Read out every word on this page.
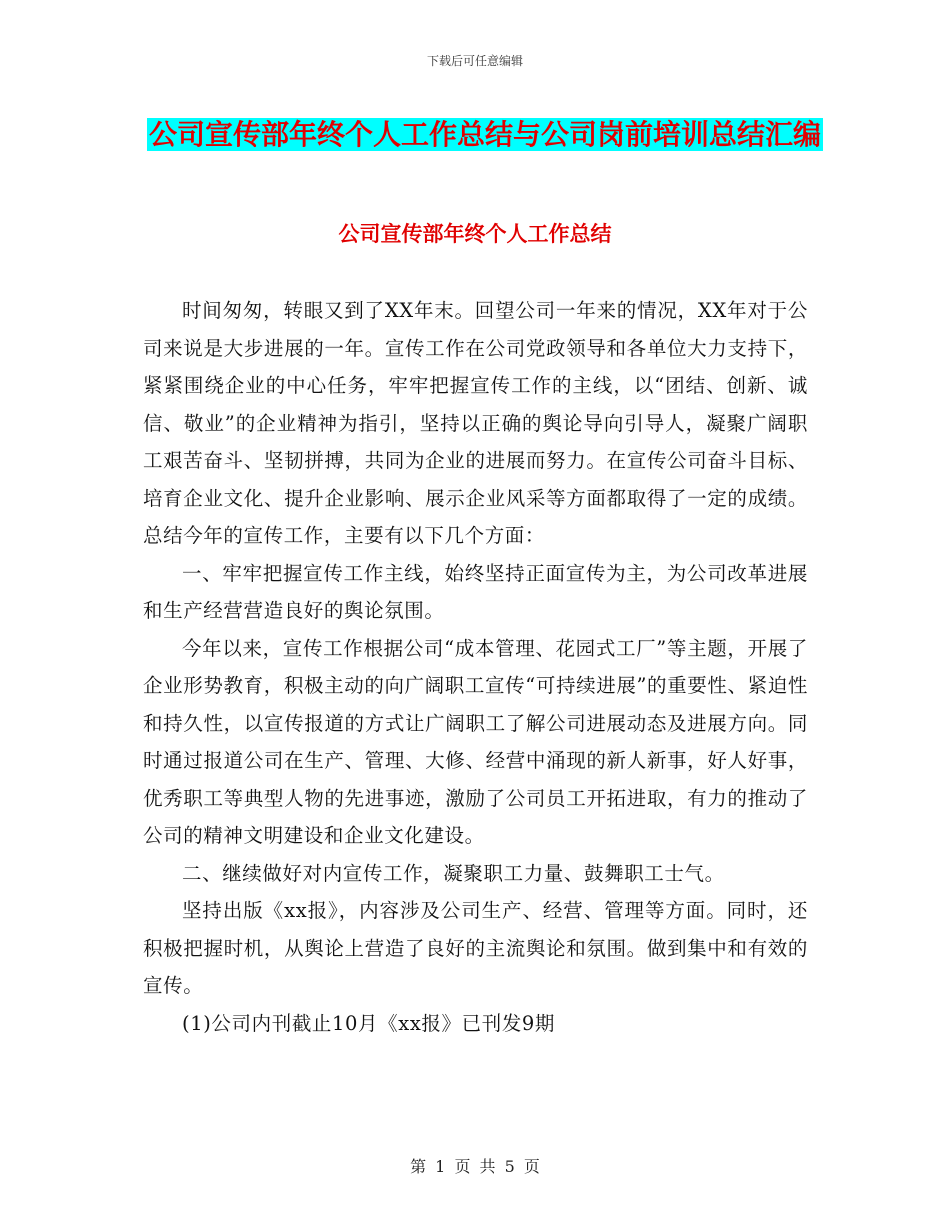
下载后可任意编辑
公司宣传部年终个人工作总结与公司岗前培训总结汇编
公司宣传部年终个人工作总结

时间匆匆，转眼又到了XX年末。回望公司一年来的情况，XX年对于公司来说是大步进展的一年。宣传工作在公司党政领导和各单位大力支持下，紧紧围绕企业的中心任务，牢牢把握宣传工作的主线，以“团结、创新、诚信、敬业”的企业精神为指引，坚持以正确的舆论导向引导人，凝聚广阔职工艰苦奋斗、坚韧拼搏，共同为企业的进展而努力。在宣传公司奋斗目标、培育企业文化、提升企业影响、展示企业风采等方面都取得了一定的成绩。总结今年的宣传工作，主要有以下几个方面：

一、牢牢把握宣传工作主线，始终坚持正面宣传为主，为公司改革进展和生产经营营造良好的舆论氛围。

今年以来，宣传工作根据公司“成本管理、花园式工厂”等主题，开展了企业形势教育，积极主动的向广阔职工宣传“可持续进展”的重要性、紧迫性和持久性，以宣传报道的方式让广阔职工了解公司进展动态及进展方向。同时通过报道公司在生产、管理、大修、经营中涌现的新人新事，好人好事，优秀职工等典型人物的先进事迹，激励了公司员工开拓进取，有力的推动了公司的精神文明建设和企业文化建设。

二、继续做好对内宣传工作，凝聚职工力量、鼓舞职工士气。

坚持出版《xx报》，内容涉及公司生产、经营、管理等方面。同时，还积极把握时机，从舆论上营造了良好的主流舆论和氛围。做到集中和有效的宣传。

(1)公司内刊截止10月《xx报》已刊发9期

第 1 页 共 5 页
